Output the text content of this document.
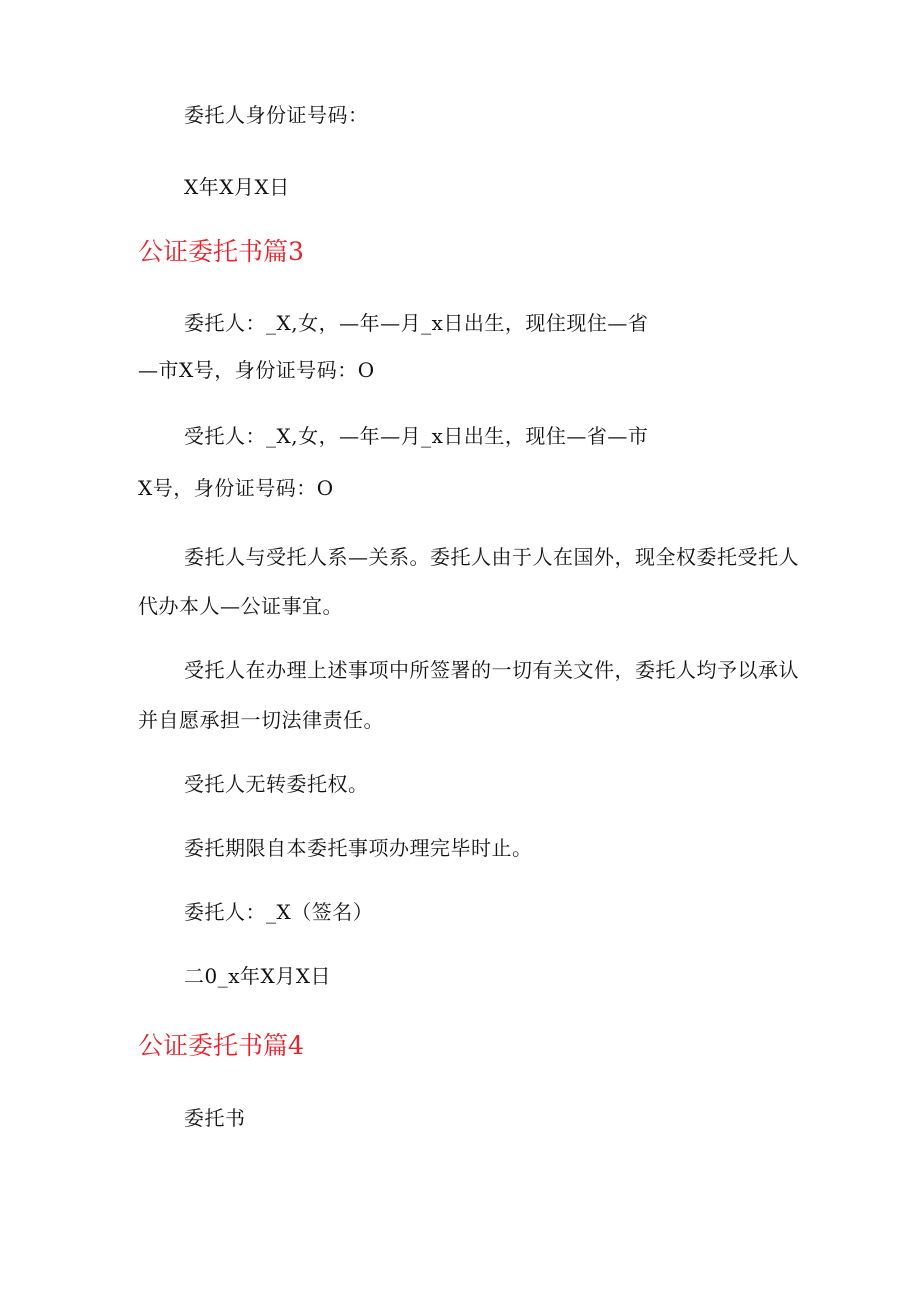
委托人身份证号码：
X年X月X日
公证委托书篇3
委托人：_X,女，—年—月_x日出生，现住现住—省
—市X号，身份证号码：O
受托人：_X,女，—年—月_x日出生，现住—省—市
X号，身份证号码：O
委托人与受托人系—关系。委托人由于人在国外，现全权委托受托人
代办本人—公证事宜。
受托人在办理上述事项中所签署的一切有关文件，委托人均予以承认
并自愿承担一切法律责任。
受托人无转委托权。
委托期限自本委托事项办理完毕时止。
委托人：_X（签名）
二0_x年X月X日
公证委托书篇4
委托书
